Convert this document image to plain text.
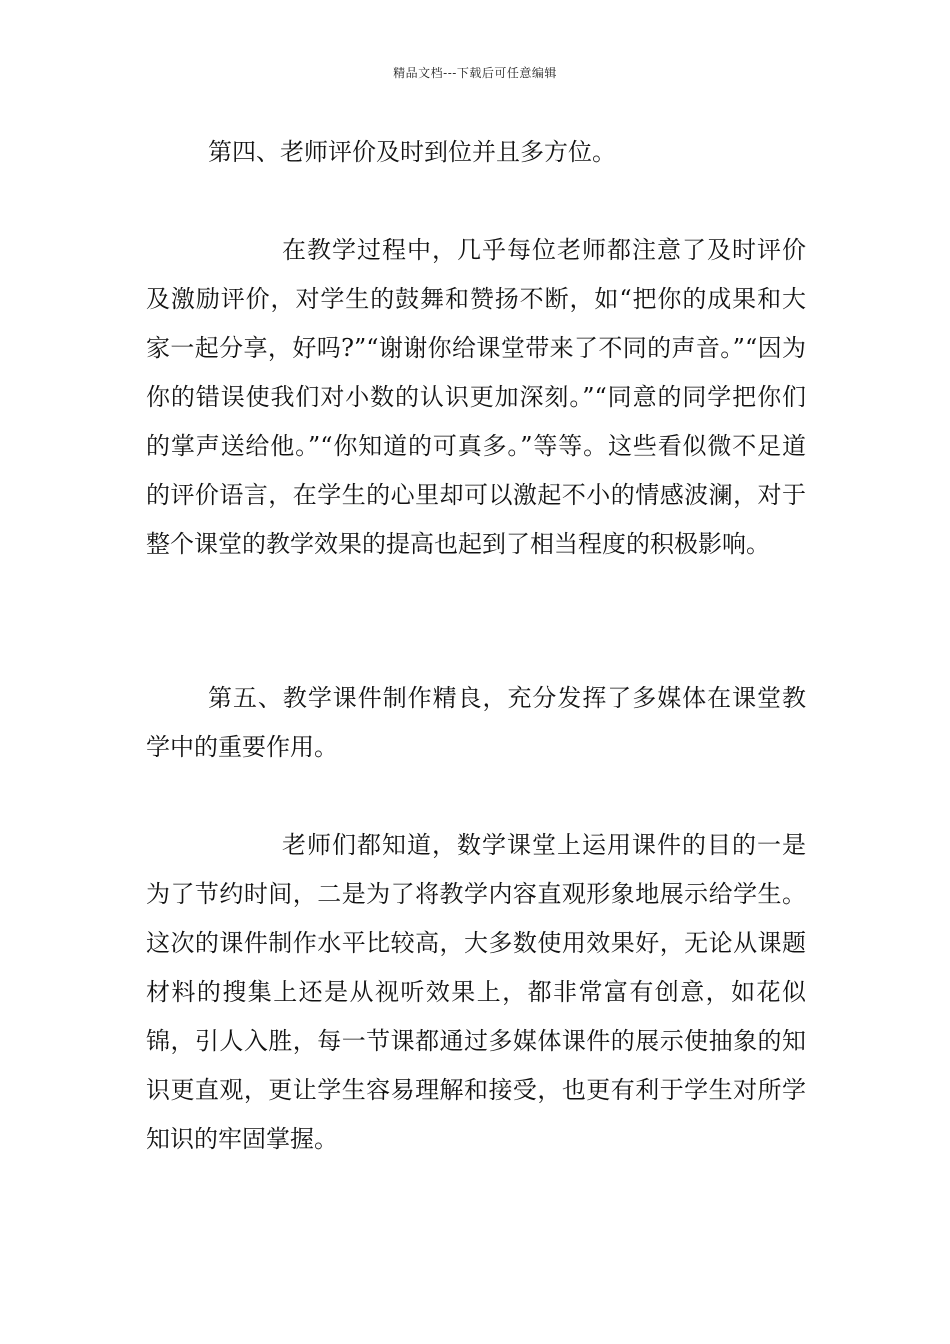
精品文档---下载后可任意编辑

第四、老师评价及时到位并且多方位。

在教学过程中，几乎每位老师都注意了及时评价及激励评价，对学生的鼓舞和赞扬不断，如“把你的成果和大家一起分享，好吗?”“谢谢你给课堂带来了不同的声音。”“因为你的错误使我们对小数的认识更加深刻。”“同意的同学把你们的掌声送给他。”“你知道的可真多。”等等。这些看似微不足道的评价语言，在学生的心里却可以激起不小的情感波澜，对于整个课堂的教学效果的提高也起到了相当程度的积极影响。

第五、教学课件制作精良，充分发挥了多媒体在课堂教学中的重要作用。

老师们都知道，数学课堂上运用课件的目的一是为了节约时间，二是为了将教学内容直观形象地展示给学生。这次的课件制作水平比较高，大多数使用效果好，无论从课题材料的搜集上还是从视听效果上，都非常富有创意，如花似锦，引人入胜，每一节课都通过多媒体课件的展示使抽象的知识更直观，更让学生容易理解和接受，也更有利于学生对所学知识的牢固掌握。
